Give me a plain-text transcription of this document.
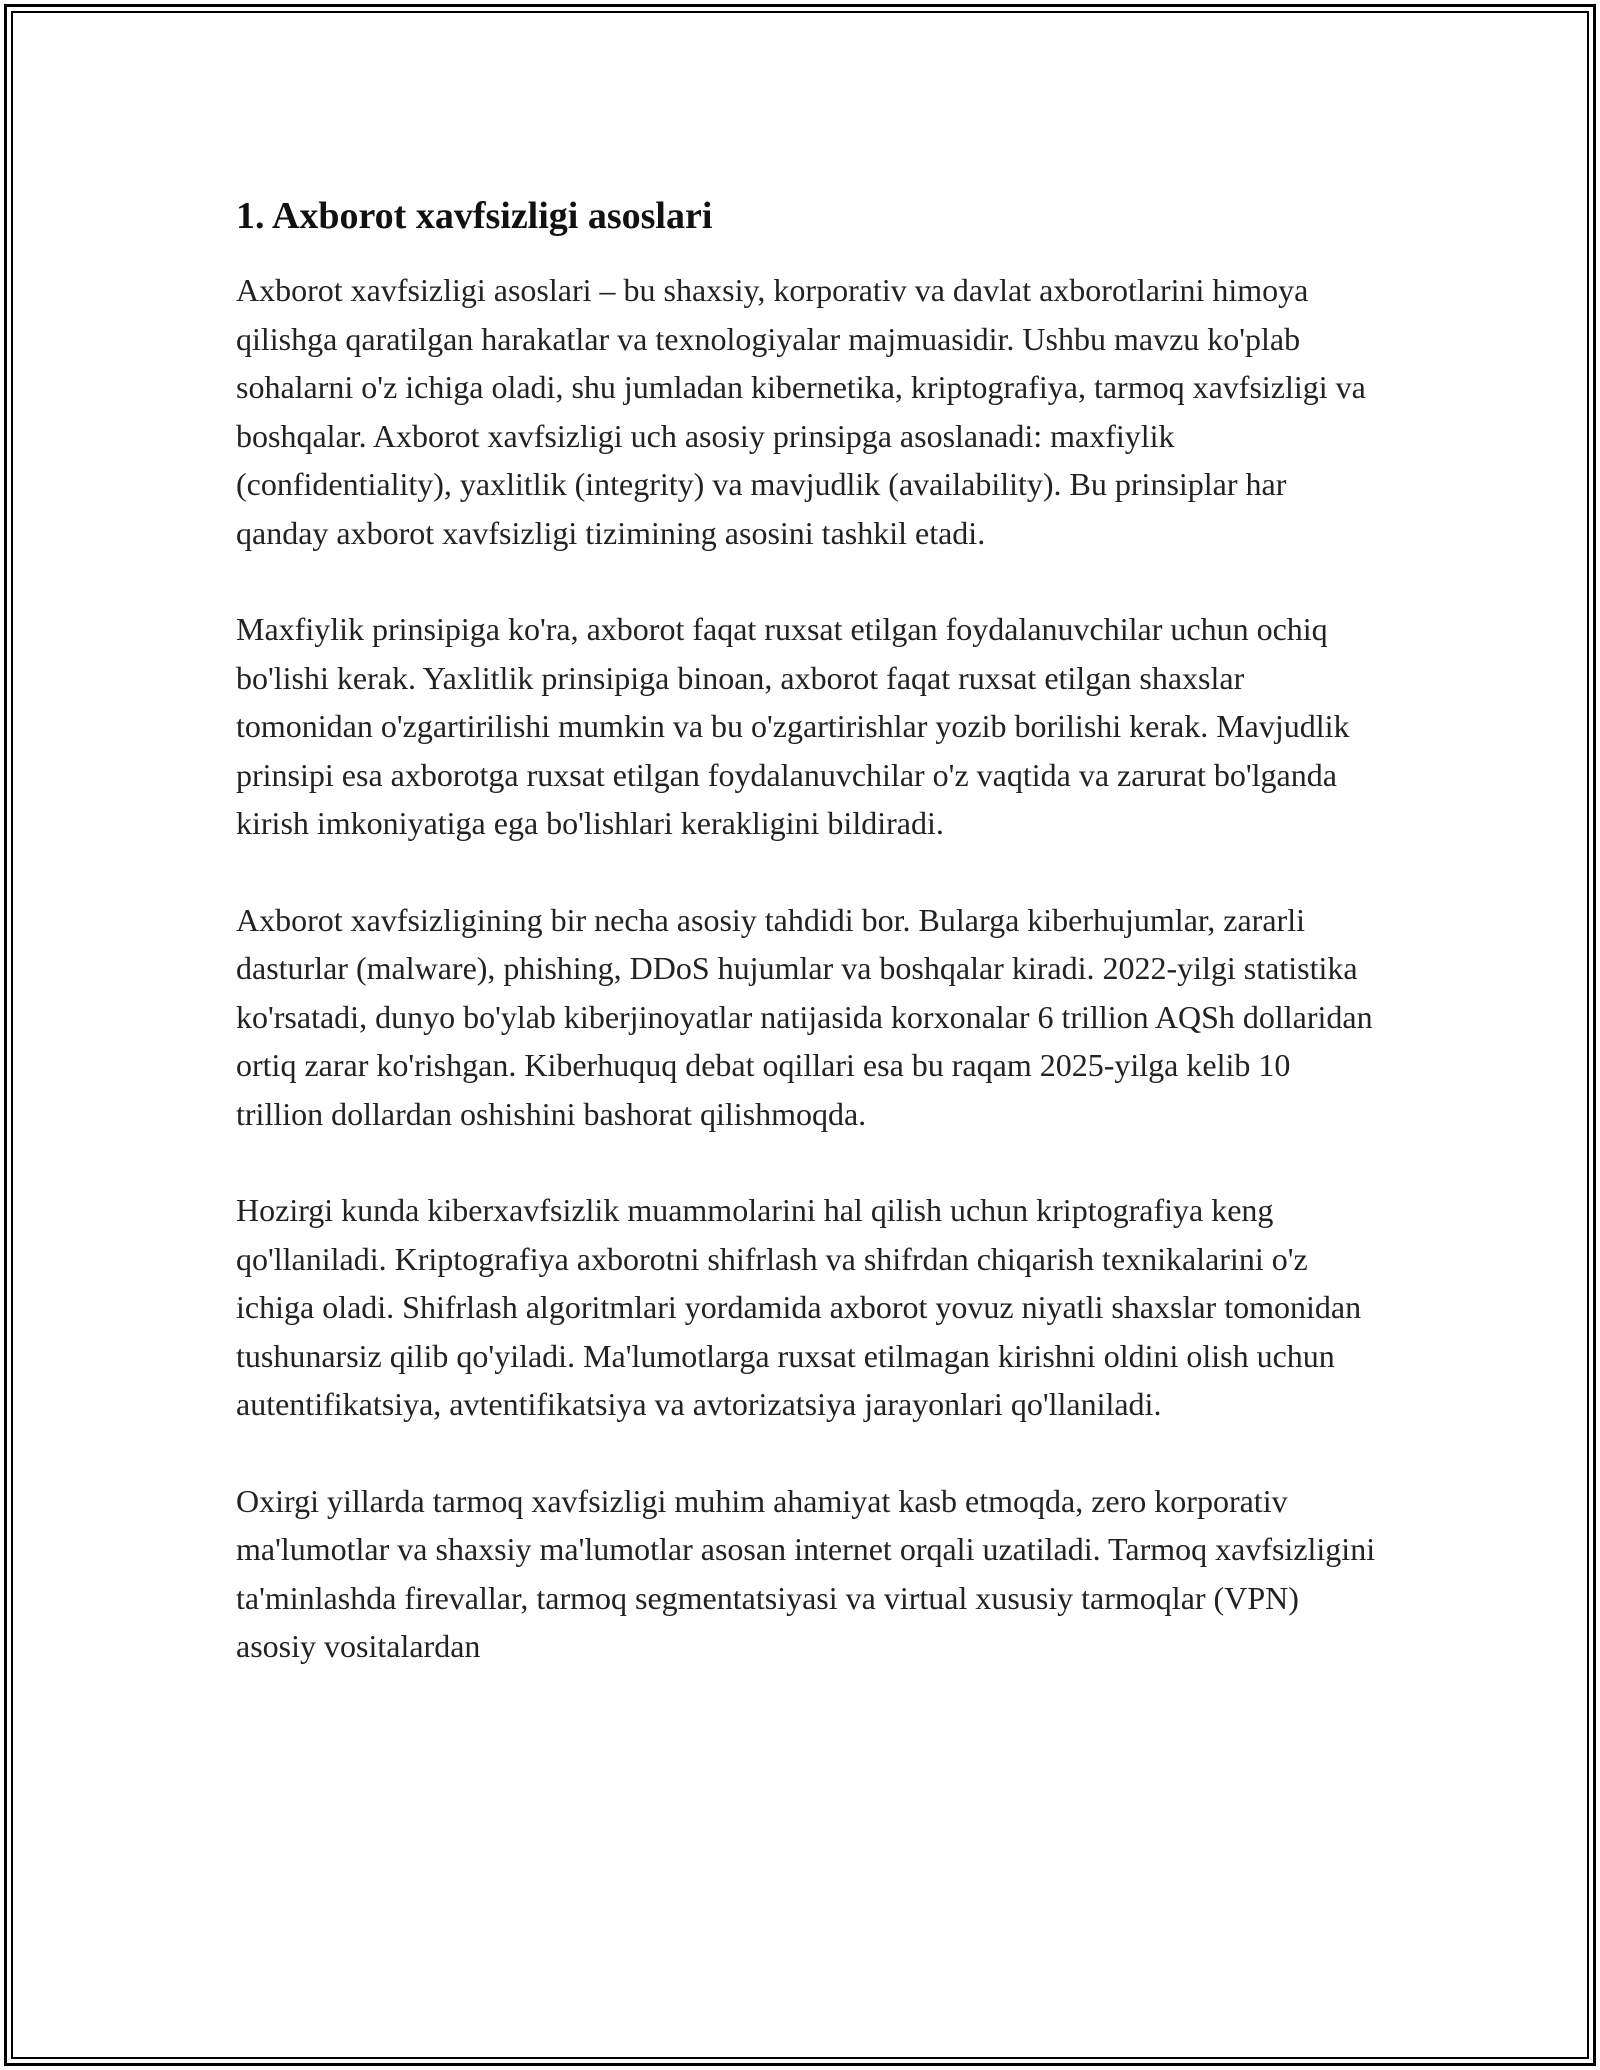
1. Axborot xavfsizligi asoslari

Axborot xavfsizligi asoslari – bu shaxsiy, korporativ va davlat axborotlarini himoya qilishga qaratilgan harakatlar va texnologiyalar majmuasidir. Ushbu mavzu ko'plab sohalarni o'z ichiga oladi, shu jumladan kibernetika, kriptografiya, tarmoq xavfsizligi va boshqalar. Axborot xavfsizligi uch asosiy prinsipga asoslanadi: maxfiylik (confidentiality), yaxlitlik (integrity) va mavjudlik (availability). Bu prinsiplar har qanday axborot xavfsizligi tizimining asosini tashkil etadi.

Maxfiylik prinsipiga ko'ra, axborot faqat ruxsat etilgan foydalanuvchilar uchun ochiq bo'lishi kerak. Yaxlitlik prinsipiga binoan, axborot faqat ruxsat etilgan shaxslar tomonidan o'zgartirilishi mumkin va bu o'zgartirishlar yozib borilishi kerak. Mavjudlik prinsipi esa axborotga ruxsat etilgan foydalanuvchilar o'z vaqtida va zarurat bo'lganda kirish imkoniyatiga ega bo'lishlari kerakligini bildiradi.

Axborot xavfsizligining bir necha asosiy tahdidi bor. Bularga kiberhujumlar, zararli dasturlar (malware), phishing, DDoS hujumlar va boshqalar kiradi. 2022-yilgi statistika ko'rsatadi, dunyo bo'ylab kiberjinoyatlar natijasida korxonalar 6 trillion AQSh dollaridan ortiq zarar ko'rishgan. Kiberhuquq debat oqillari esa bu raqam 2025-yilga kelib 10 trillion dollardan oshishini bashorat qilishmoqda.

Hozirgi kunda kiberxavfsizlik muammolarini hal qilish uchun kriptografiya keng qo'llaniladi. Kriptografiya axborotni shifrlash va shifrdan chiqarish texnikalarini o'z ichiga oladi. Shifrlash algoritmlari yordamida axborot yovuz niyatli shaxslar tomonidan tushunarsiz qilib qo'yiladi. Ma'lumotlarga ruxsat etilmagan kirishni oldini olish uchun autentifikatsiya, avtentifikatsiya va avtorizatsiya jarayonlari qo'llaniladi.

Oxirgi yillarda tarmoq xavfsizligi muhim ahamiyat kasb etmoqda, zero korporativ ma'lumotlar va shaxsiy ma'lumotlar asosan internet orqali uzatiladi. Tarmoq xavfsizligini ta'minlashda firevallar, tarmoq segmentatsiyasi va virtual xususiy tarmoqlar (VPN) asosiy vositalardan
